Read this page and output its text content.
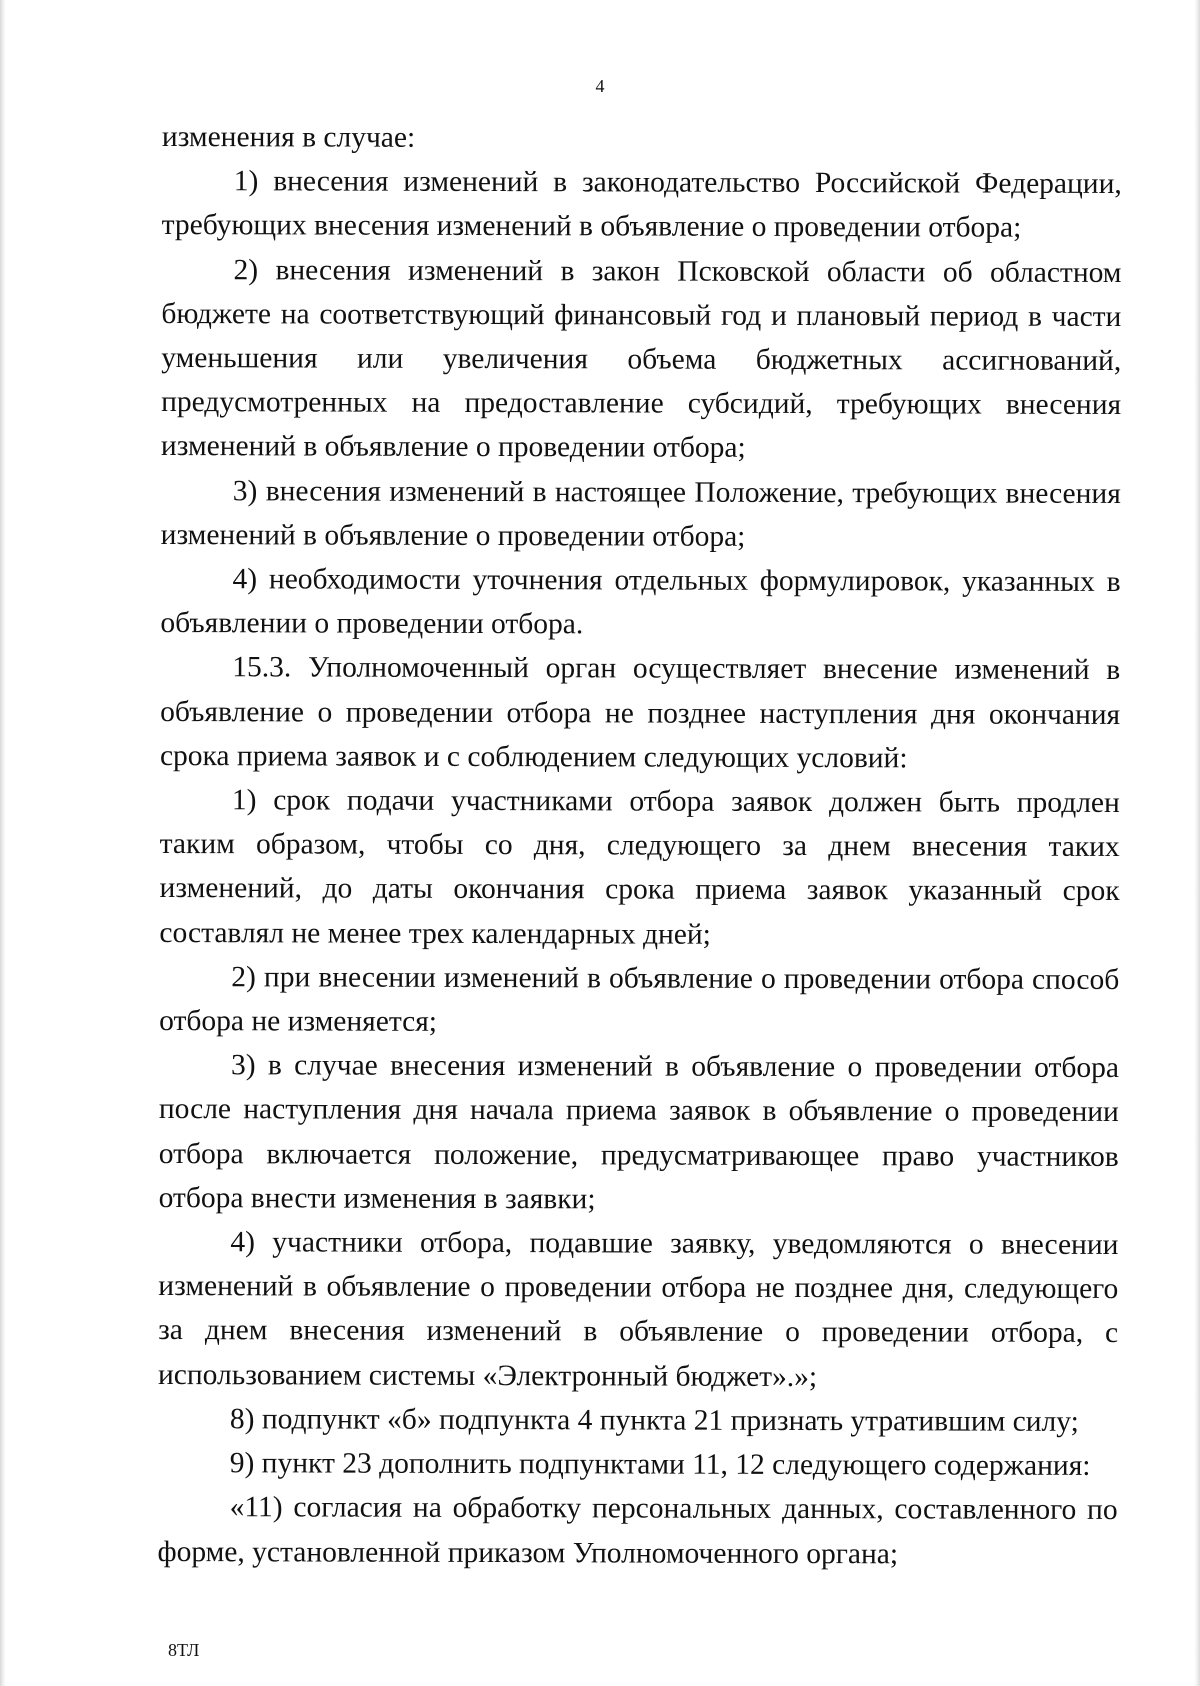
4

изменения в случае:

1) внесения изменений в законодательство Российской Федерации, требующих внесения изменений в объявление о проведении отбора;

2) внесения изменений в закон Псковской области об областном бюджете на соответствующий финансовый год и плановый период в части уменьшения или увеличения объема бюджетных ассигнований, предусмотренных на предоставление субсидий, требующих внесения изменений в объявление о проведении отбора;

3) внесения изменений в настоящее Положение, требующих внесения изменений в объявление о проведении отбора;

4) необходимости уточнения отдельных формулировок, указанных в объявлении о проведении отбора.

15.3. Уполномоченный орган осуществляет внесение изменений в объявление о проведении отбора не позднее наступления дня окончания срока приема заявок и с соблюдением следующих условий:

1) срок подачи участниками отбора заявок должен быть продлен таким образом, чтобы со дня, следующего за днем внесения таких изменений, до даты окончания срока приема заявок указанный срок составлял не менее трех календарных дней;

2) при внесении изменений в объявление о проведении отбора способ отбора не изменяется;

3) в случае внесения изменений в объявление о проведении отбора после наступления дня начала приема заявок в объявление о проведении отбора включается положение, предусматривающее право участников отбора внести изменения в заявки;

4) участники отбора, подавшие заявку, уведомляются о внесении изменений в объявление о проведении отбора не позднее дня, следующего за днем внесения изменений в объявление о проведении отбора, с использованием системы «Электронный бюджет».»;

8) подпункт «б» подпункта 4 пункта 21 признать утратившим силу;

9) пункт 23 дополнить подпунктами 11, 12 следующего содержания:

«11) согласия на обработку персональных данных, составленного по форме, установленной приказом Уполномоченного органа;

8ТЛ
